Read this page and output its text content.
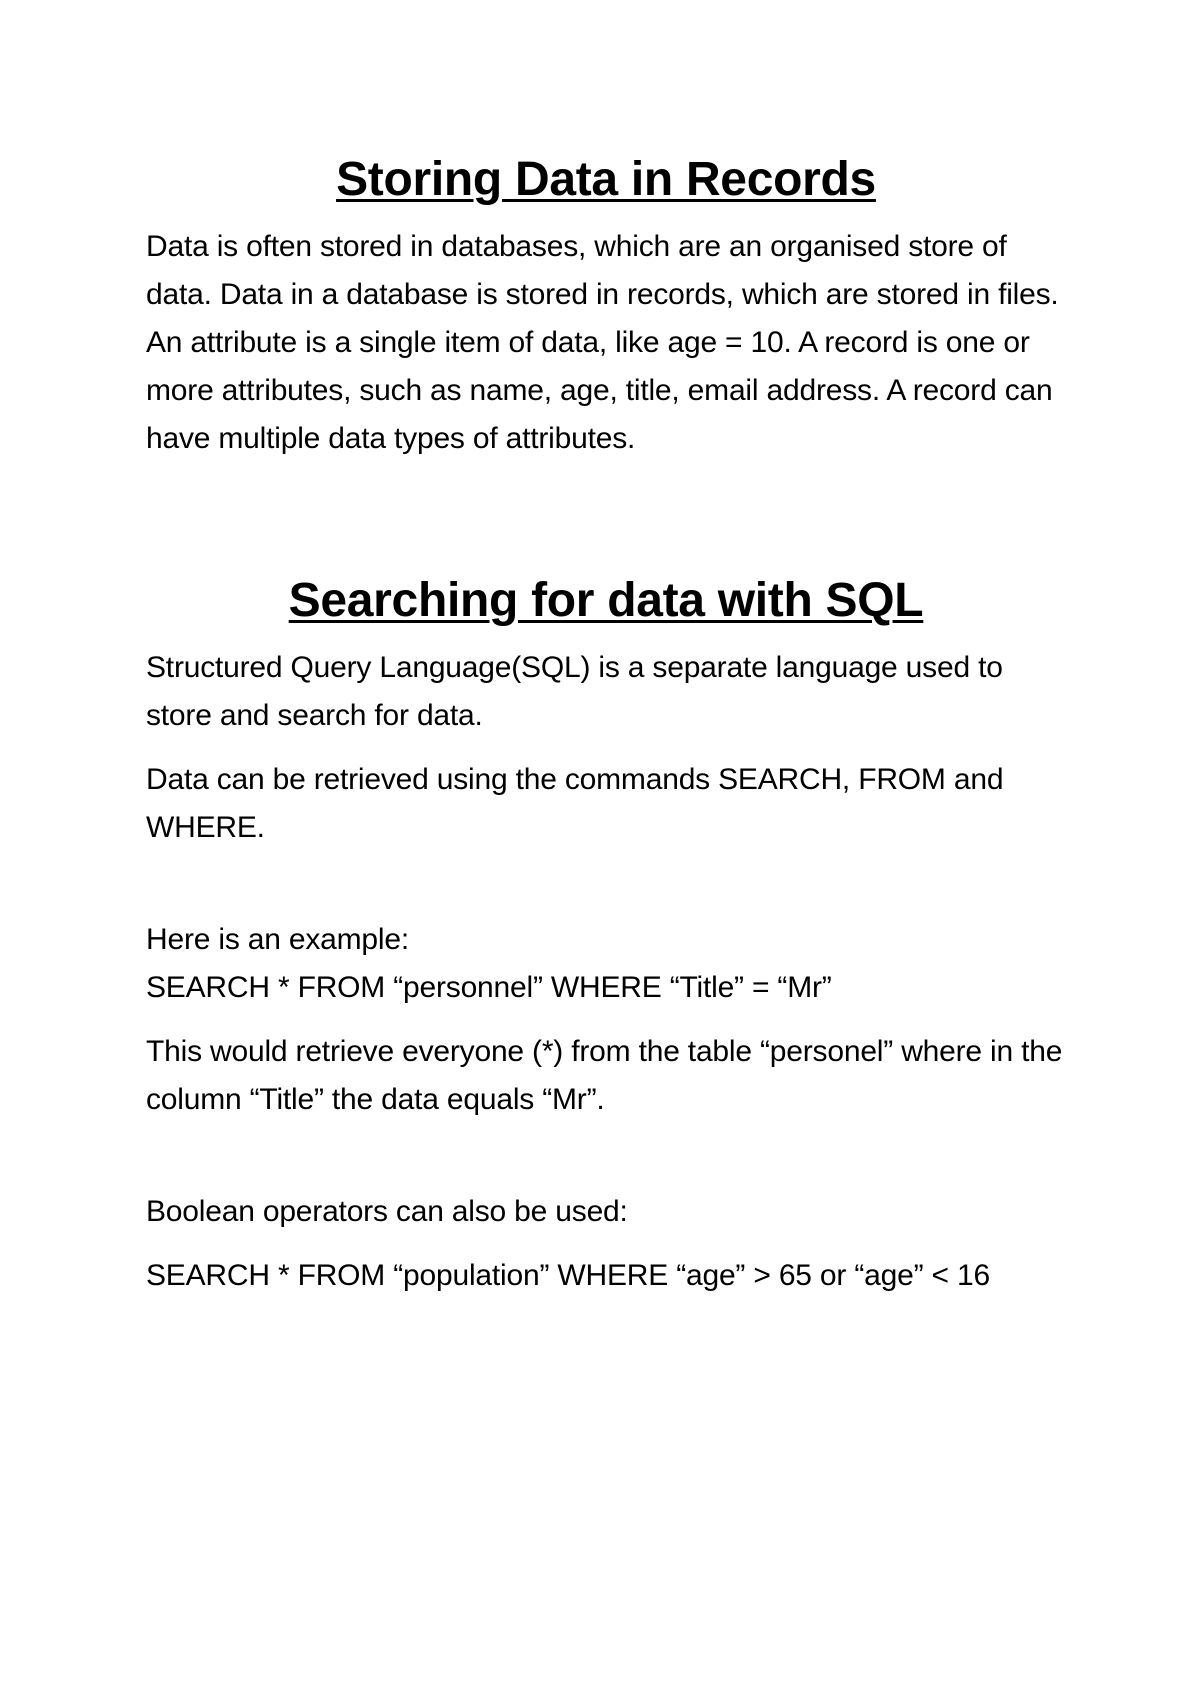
Storing Data in Records

Data is often stored in databases, which are an organised store of data. Data in a database is stored in records, which are stored in files. An attribute is a single item of data, like age = 10. A record is one or more attributes, such as name, age, title, email address. A record can have multiple data types of attributes.

Searching for data with SQL

Structured Query Language(SQL) is a separate language used to store and search for data.

Data can be retrieved using the commands SEARCH, FROM and WHERE.

Here is an example:

SEARCH * FROM “personnel” WHERE “Title” = “Mr”

This would retrieve everyone (*) from the table “personel” where in the column “Title” the data equals “Mr”.

Boolean operators can also be used:

SEARCH * FROM “population” WHERE “age” > 65 or “age” < 16
